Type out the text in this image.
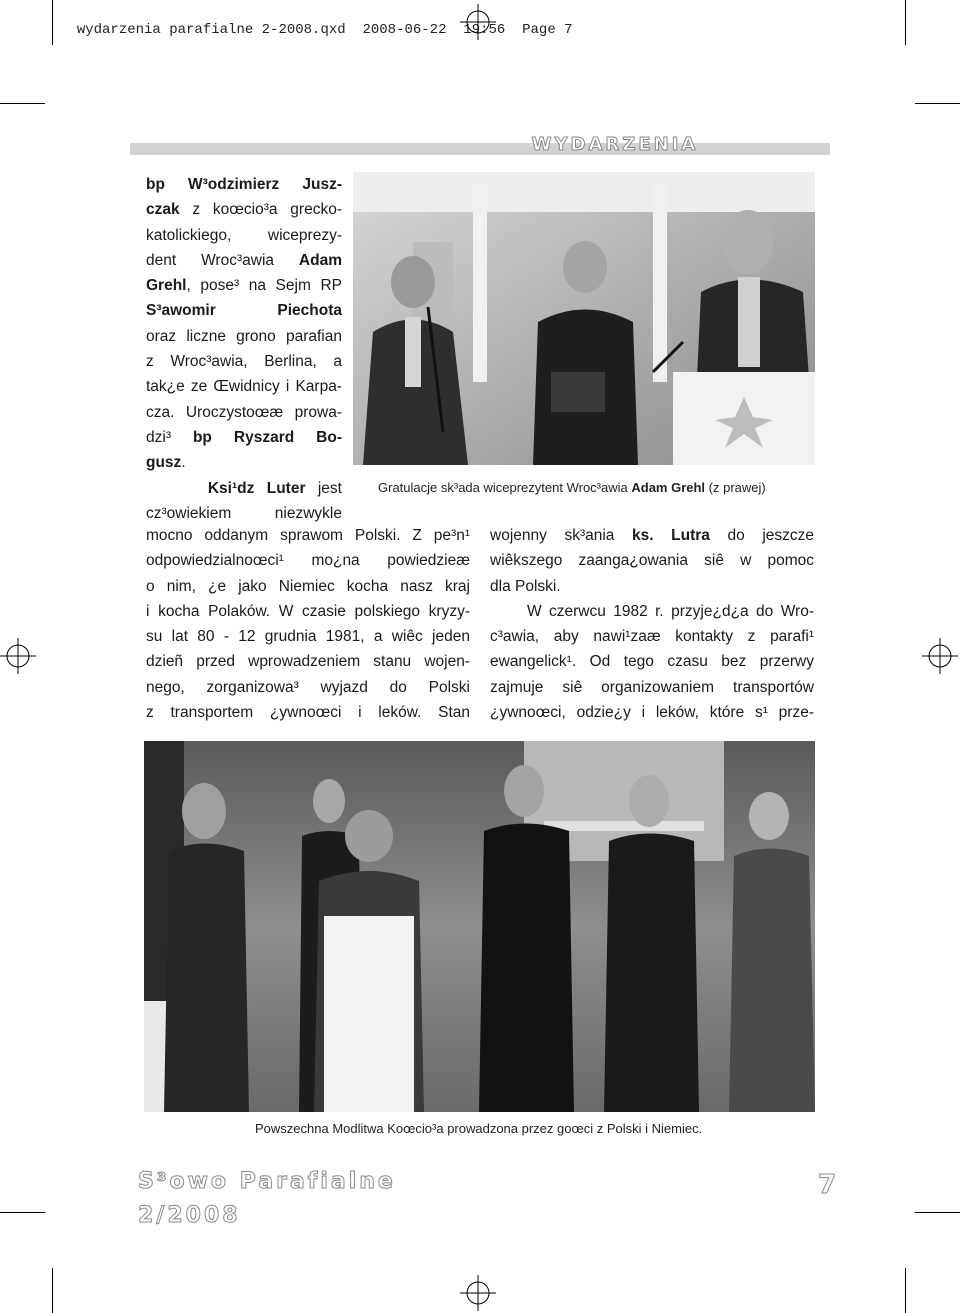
wydarzenia parafialne 2-2008.qxd 2008-06-22 19:56 Page 7

WYDARZENIA

bp W³odzimierz Jusz-

czak z koœcio³a grecko-

katolickiego, wiceprezy-

dent Wroc³awia Adam

Grehl, pose³ na Sejm RP

S³awomir Piechota

oraz liczne grono parafian

z Wroc³awia, Berlina, a

tak¿e ze Œwidnicy i Karpa-

cza. Uroczystoœæ prowa-

dzi³ bp Ryszard Bo-

gusz.

Ksi¹dz Luter jest

cz³owiekiem niezwykle

Gratulacje sk³ada wiceprezytent Wroc³awia Adam Grehl (z prawej)

mocno oddanym sprawom Polski. Z pe³n¹

odpowiedzialnoœci¹ mo¿na powiedzieæ

o nim, ¿e jako Niemiec kocha nasz kraj

i kocha Polaków. W czasie polskiego kryzy-

su lat 80 - 12 grudnia 1981, a wiêc jeden

dzieñ przed wprowadzeniem stanu wojen-

nego, zorganizowa³ wyjazd do Polski

z transportem ¿ywnoœci i leków. Stan

wojenny sk³ania ks. Lutra do jeszcze

wiêkszego zaanga¿owania siê w pomoc

dla Polski.

W czerwcu 1982 r. przyje¿d¿a do Wro-

c³awia, aby nawi¹zaæ kontakty z parafi¹

ewangelick¹. Od tego czasu bez przerwy

zajmuje siê organizowaniem transportów

¿ywnoœci, odzie¿y i leków, które s¹ prze-

Powszechna Modlitwa Koœcio³a prowadzona przez goœci z Polski i Niemiec.
S³owo Parafialne
2/2008
7
